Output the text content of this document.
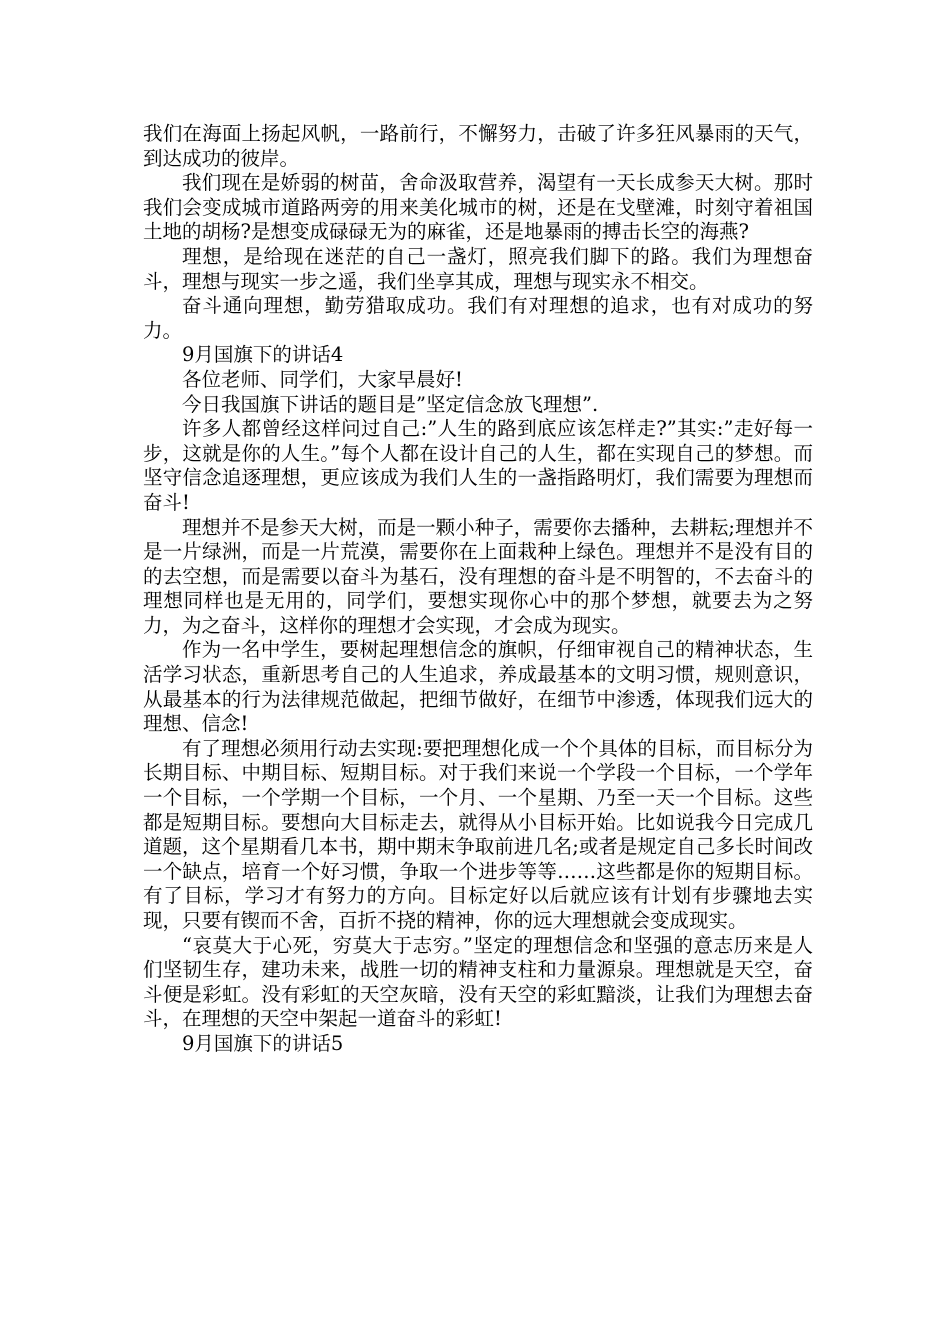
我们在海面上扬起风帆，一路前行，不懈努力，击破了许多狂风暴雨的天气，到达成功的彼岸。

我们现在是娇弱的树苗，舍命汲取营养，渴望有一天长成参天大树。那时我们会变成城市道路两旁的用来美化城市的树，还是在戈壁滩，时刻守着祖国土地的胡杨?是想变成碌碌无为的麻雀，还是地暴雨的搏击长空的海燕?

理想，是给现在迷茫的自己一盏灯，照亮我们脚下的路。我们为理想奋斗，理想与现实一步之遥，我们坐享其成，理想与现实永不相交。

奋斗通向理想，勤劳猎取成功。我们有对理想的追求，也有对成功的努力。

9月国旗下的讲话4

各位老师、同学们，大家早晨好!

今日我国旗下讲话的题目是”坚定信念放飞理想”.

许多人都曾经这样问过自己:”人生的路到底应该怎样走?”其实:”走好每一步，这就是你的人生。”每个人都在设计自己的人生，都在实现自己的梦想。而坚守信念追逐理想，更应该成为我们人生的一盏指路明灯，我们需要为理想而奋斗!

理想并不是参天大树，而是一颗小种子，需要你去播种，去耕耘;理想并不是一片绿洲，而是一片荒漠，需要你在上面栽种上绿色。理想并不是没有目的的去空想，而是需要以奋斗为基石，没有理想的奋斗是不明智的，不去奋斗的理想同样也是无用的，同学们，要想实现你心中的那个梦想，就要去为之努力，为之奋斗，这样你的理想才会实现，才会成为现实。

作为一名中学生，要树起理想信念的旗帜，仔细审视自己的精神状态，生活学习状态，重新思考自己的人生追求，养成最基本的文明习惯，规则意识，从最基本的行为法律规范做起，把细节做好，在细节中渗透，体现我们远大的理想、信念!

有了理想必须用行动去实现:要把理想化成一个个具体的目标，而目标分为长期目标、中期目标、短期目标。对于我们来说一个学段一个目标，一个学年一个目标，一个学期一个目标，一个月、一个星期、乃至一天一个目标。这些都是短期目标。要想向大目标走去，就得从小目标开始。比如说我今日完成几道题，这个星期看几本书，期中期末争取前进几名;或者是规定自己多长时间改一个缺点，培育一个好习惯，争取一个进步等等……这些都是你的短期目标。有了目标，学习才有努力的方向。目标定好以后就应该有计划有步骤地去实现，只要有锲而不舍，百折不挠的精神，你的远大理想就会变成现实。

“哀莫大于心死，穷莫大于志穷。”坚定的理想信念和坚强的意志历来是人们坚韧生存，建功未来，战胜一切的精神支柱和力量源泉。理想就是天空，奋斗便是彩虹。没有彩虹的天空灰暗，没有天空的彩虹黯淡，让我们为理想去奋斗，在理想的天空中架起一道奋斗的彩虹!

9月国旗下的讲话5
